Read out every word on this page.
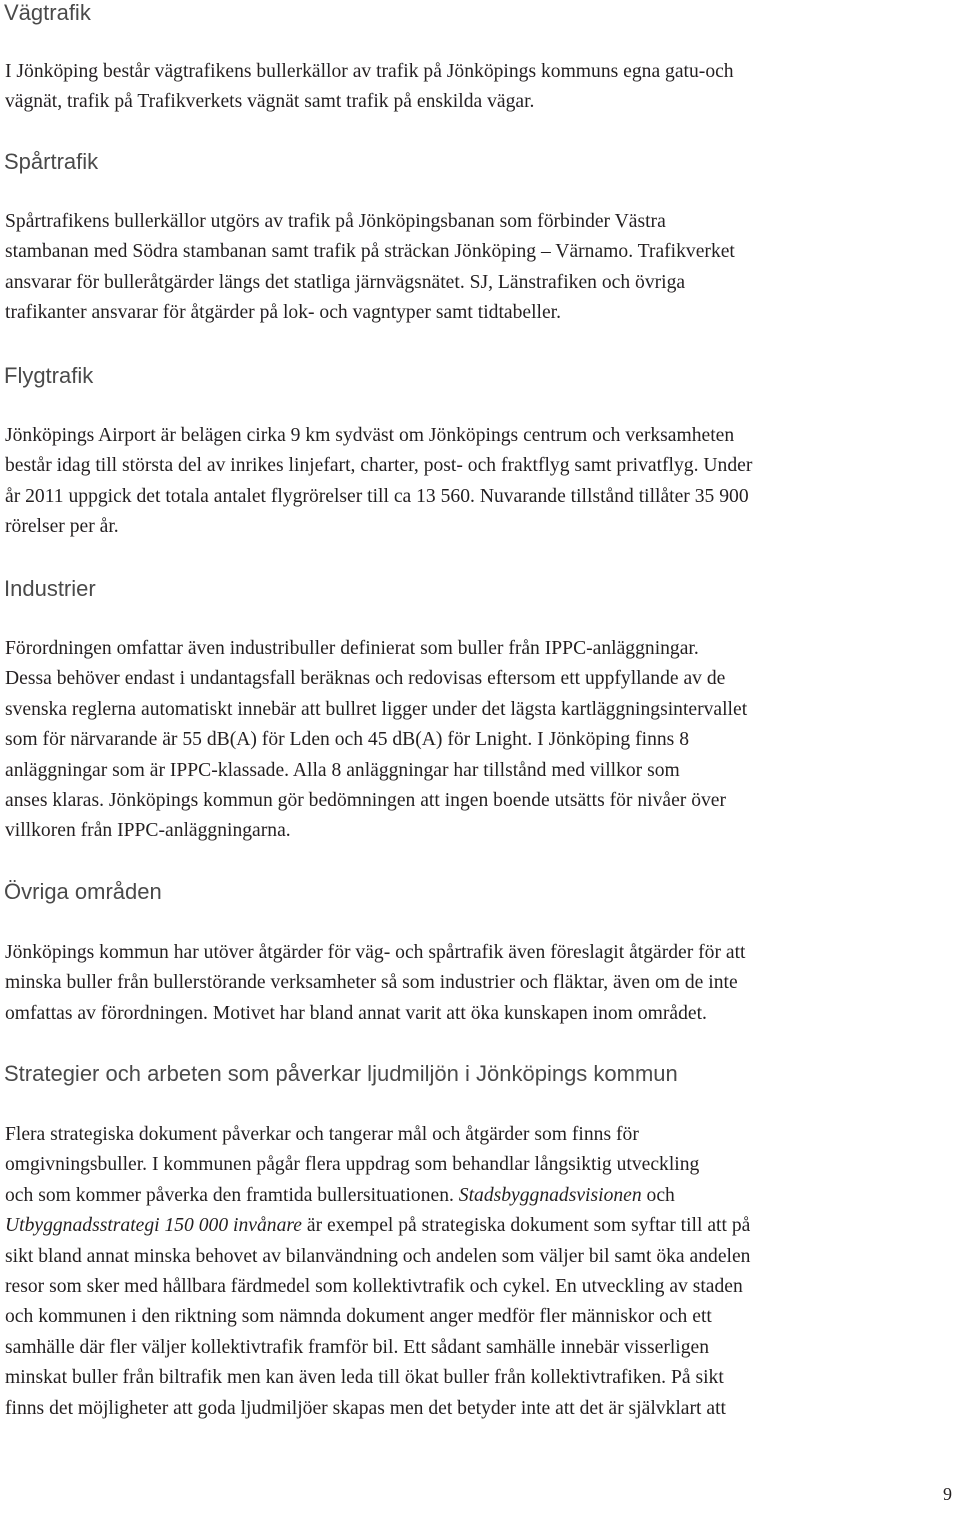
Vägtrafik

I Jönköping består vägtrafikens bullerkällor av trafik på Jönköpings kommuns egna gatu-och
vägnät, trafik på Trafikverkets vägnät samt trafik på enskilda vägar.

Spårtrafik

Spårtrafikens bullerkällor utgörs av trafik på Jönköpingsbanan som förbinder Västra
stambanan med Södra stambanan samt trafik på sträckan Jönköping – Värnamo. Trafikverket
ansvarar för bulleråtgärder längs det statliga järnvägsnätet. SJ, Länstrafiken och övriga
trafikanter ansvarar för åtgärder på lok- och vagntyper samt tidtabeller.

Flygtrafik

Jönköpings Airport är belägen cirka 9 km sydväst om Jönköpings centrum och verksamheten
består idag till största del av inrikes linjefart, charter, post- och fraktflyg samt privatflyg. Under
år 2011 uppgick det totala antalet flygrörelser till ca 13 560. Nuvarande tillstånd tillåter 35 900
rörelser per år.

Industrier

Förordningen omfattar även industribuller definierat som buller från IPPC-anläggningar.
Dessa behöver endast i undantagsfall beräknas och redovisas eftersom ett uppfyllande av de
svenska reglerna automatiskt innebär att bullret ligger under det lägsta kartläggningsintervallet
som för närvarande är 55 dB(A) för Lden och 45 dB(A) för Lnight. I Jönköping finns 8
anläggningar som är IPPC-klassade. Alla 8 anläggningar har tillstånd med villkor som
anses klaras. Jönköpings kommun gör bedömningen att ingen boende utsätts för nivåer över
villkoren från IPPC-anläggningarna.

Övriga områden

Jönköpings kommun har utöver åtgärder för väg- och spårtrafik även föreslagit åtgärder för att
minska buller från bullerstörande verksamheter så som industrier och fläktar, även om de inte
omfattas av förordningen. Motivet har bland annat varit att öka kunskapen inom området.

Strategier och arbeten som påverkar ljudmiljön i Jönköpings kommun

Flera strategiska dokument påverkar och tangerar mål och åtgärder som finns för
omgivningsbuller. I kommunen pågår flera uppdrag som behandlar långsiktig utveckling
och som kommer påverka den framtida bullersituationen. Stadsbyggnadsvisionen och
Utbyggnadsstrategi 150 000 invånare är exempel på strategiska dokument som syftar till att på
sikt bland annat minska behovet av bilanvändning och andelen som väljer bil samt öka andelen
resor som sker med hållbara färdmedel som kollektivtrafik och cykel. En utveckling av staden
och kommunen i den riktning som nämnda dokument anger medför fler människor och ett
samhälle där fler väljer kollektivtrafik framför bil. Ett sådant samhälle innebär visserligen
minskat buller från biltrafik men kan även leda till ökat buller från kollektivtrafiken. På sikt
finns det möjligheter att goda ljudmiljöer skapas men det betyder inte att det är självklart att

9
